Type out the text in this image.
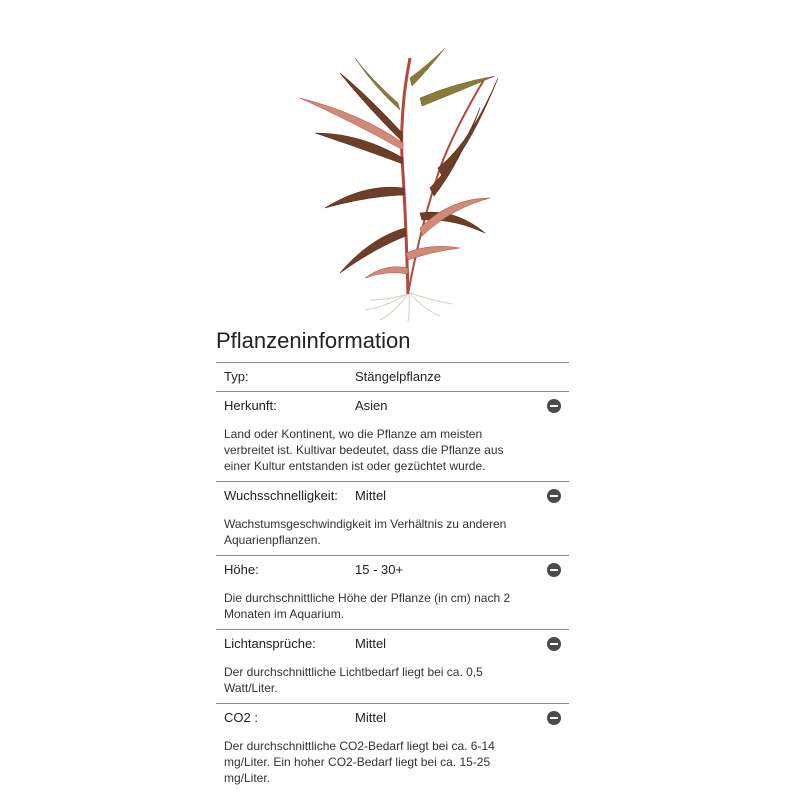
Pflanzeninformation
Typ:	Stängelpflanze
Herkunft:	Asien
Land oder Kontinent, wo die Pflanze am meisten verbreitet ist. Kultivar bedeutet, dass die Pflanze aus einer Kultur entstanden ist oder gezüchtet wurde.
Wuchsschnelligkeit: Mittel
Wachstumsgeschwindigkeit im Verhältnis zu anderen Aquarienpflanzen.
Höhe:	15 - 30+
Die durchschnittliche Höhe der Pflanze (in cm) nach 2 Monaten im Aquarium.
Lichtansprüche:	Mittel
Der durchschnittliche Lichtbedarf liegt bei ca. 0,5 Watt/Liter.
CO2 :	Mittel
Der durchschnittliche CO2-Bedarf liegt bei ca. 6-14 mg/Liter. Ein hoher CO2-Bedarf liegt bei ca. 15-25 mg/Liter.
